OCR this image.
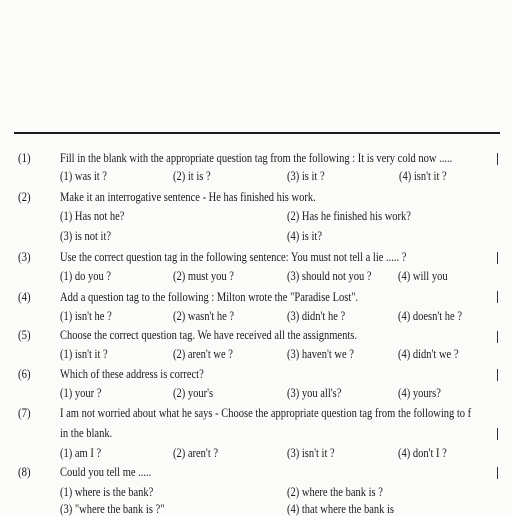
(1) Fill in the blank with the appropriate question tag from the following : It is very cold now .....
(1) was it ?	(2) it is ?	(3) is it ?	(4) isn't it ?
(2) Make it an interrogative sentence - He has finished his work.
(1) Has not he?	(2) Has he finished his work?
(3) is not it?	(4) is it?
(3) Use the correct question tag in the following sentence: You must not tell a lie ..... ?
(1) do you ?	(2) must you ?	(3) should not you ? (4) will you
(4) Add a question tag to the following : Milton wrote the "Paradise Lost".
(1) isn't he ?	(2) wasn't he ?	(3) didn't he ?	(4) doesn't he ?
(5) Choose the correct question tag. We have received all the assignments.
(1) isn't it ?	(2) aren't we ?	(3) haven't we ?	(4) didn't we ?
(6) Which of these address is correct?
(1) your ?	(2) your's	(3) you all's?	(4) yours?
(7) I am not worried about what he says - Choose the appropriate question tag from the following to f
in the blank.
(1) am I ?	(2) aren't ?	(3) isn't it ?	(4) don't I ?
(8) Could you tell me .....
(1) where is the bank?	(2) where the bank is ?
(3) "where the bank is ?"	(4) that where the bank is
